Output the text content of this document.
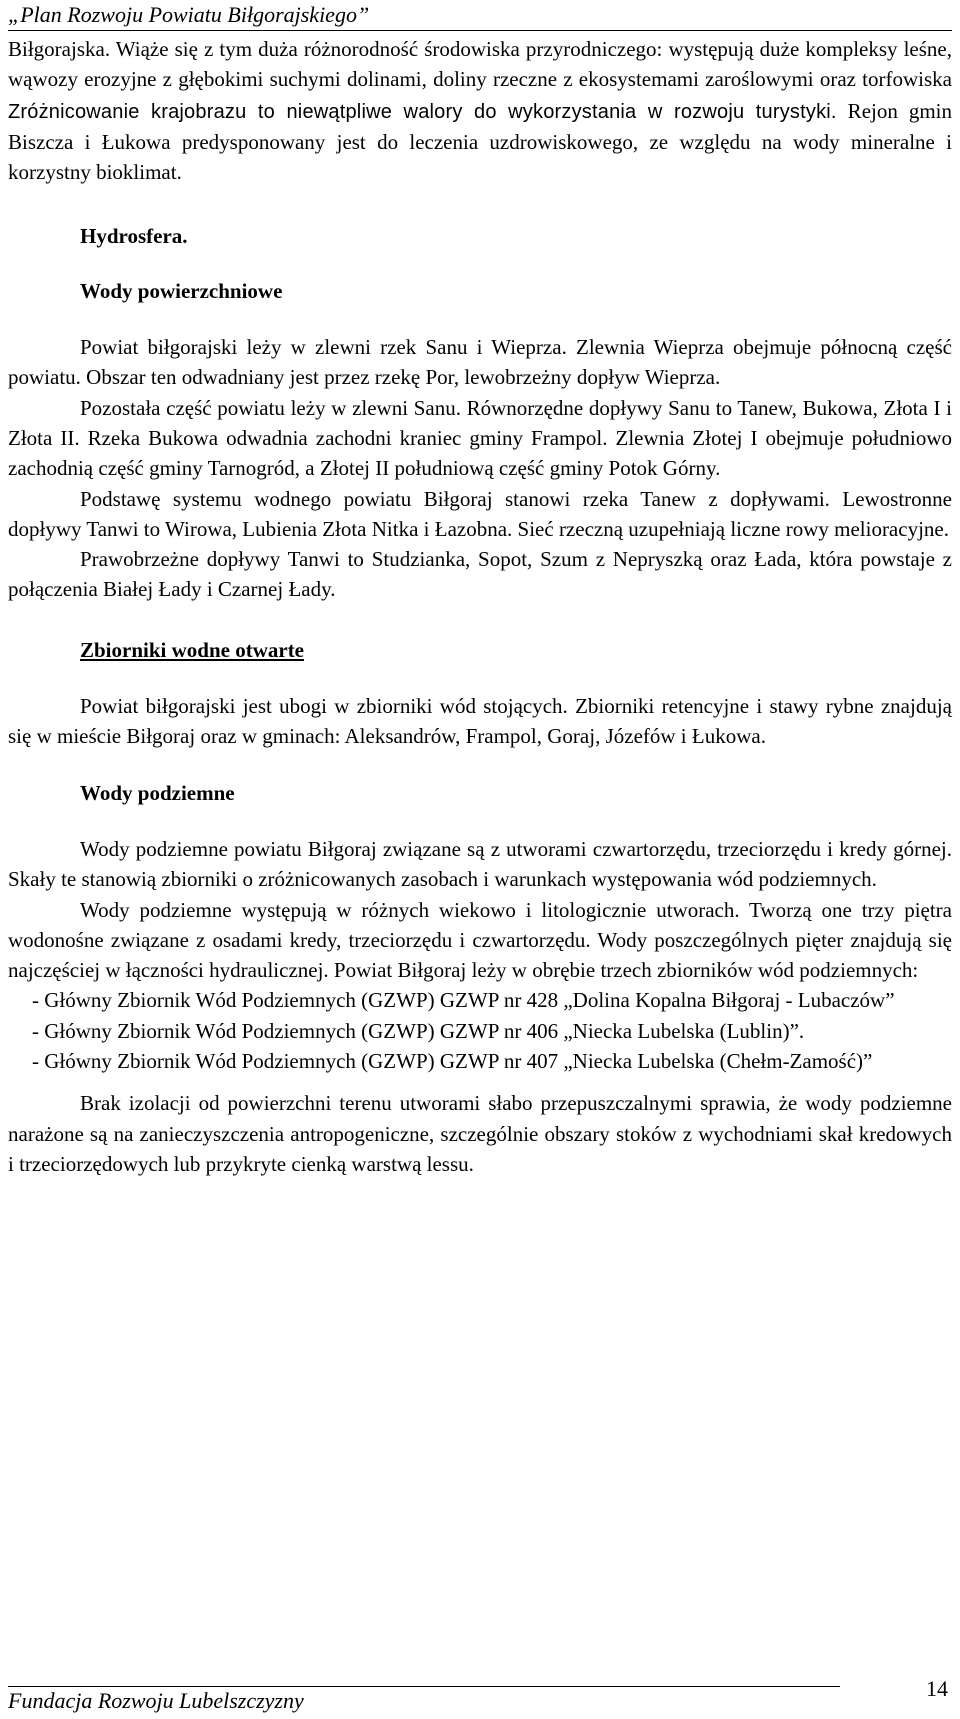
„Plan Rozwoju Powiatu Biłgorajskiego”

Biłgorajska. Wiąże się z tym duża różnorodność środowiska przyrodniczego: występują duże kompleksy leśne, wąwozy erozyjne z głębokimi suchymi dolinami, doliny rzeczne z ekosystemami zaroślowymi oraz torfowiska Zróżnicowanie krajobrazu to niewątpliwe walory do wykorzystania w rozwoju turystyki. Rejon gmin Biszcza i Łukowa predysponowany jest do leczenia uzdrowiskowego, ze względu na wody mineralne i korzystny bioklimat.

Hydrosfera.

Wody powierzchniowe

Powiat biłgorajski leży w zlewni rzek Sanu i Wieprza. Zlewnia Wieprza obejmuje północną część powiatu. Obszar ten odwadniany jest przez rzekę Por, lewobrzeżny dopływ Wieprza.

Pozostała część powiatu leży w zlewni Sanu. Równorzędne dopływy Sanu to Tanew, Bukowa, Złota I i Złota II. Rzeka Bukowa odwadnia zachodni kraniec gminy Frampol. Zlewnia Złotej I obejmuje południowo zachodnią część gminy Tarnogród, a Złotej II południową część gminy Potok Górny.

Podstawę systemu wodnego powiatu Biłgoraj stanowi rzeka Tanew z dopływami. Lewostronne dopływy Tanwi to Wirowa, Lubienia Złota Nitka i Łazobna. Sieć rzeczną uzupełniają liczne rowy melioracyjne.

Prawobrzeżne dopływy Tanwi to Studzianka, Sopot, Szum z Nepryszką oraz Łada, która powstaje z połączenia Białej Łady i Czarnej Łady.

Zbiorniki wodne otwarte

Powiat biłgorajski jest ubogi w zbiorniki wód stojących. Zbiorniki retencyjne i stawy rybne znajdują się w mieście Biłgoraj oraz w gminach: Aleksandrów, Frampol, Goraj, Józefów i Łukowa.

Wody podziemne

Wody podziemne powiatu Biłgoraj związane są z utworami czwartorzędu, trzeciorzędu i kredy górnej. Skały te stanowią zbiorniki o zróżnicowanych zasobach i warunkach występowania wód podziemnych.

Wody podziemne występują w różnych wiekowo i litologicznie utworach. Tworzą one trzy piętra wodonośne związane z osadami kredy, trzeciorzędu i czwartorzędu. Wody poszczególnych pięter znajdują się najczęściej w łączności hydraulicznej. Powiat Biłgoraj leży w obrębie trzech zbiorników wód podziemnych:

- Główny Zbiornik Wód Podziemnych (GZWP) GZWP nr 428 „Dolina Kopalna Biłgoraj - Lubaczów”

- Główny Zbiornik Wód Podziemnych (GZWP) GZWP nr 406 „Niecka Lubelska (Lublin)”.

- Główny Zbiornik Wód Podziemnych (GZWP) GZWP nr 407 „Niecka Lubelska (Chełm-Zamość)”

Brak izolacji od powierzchni terenu utworami słabo przepuszczalnymi sprawia, że wody podziemne narażone są na zanieczyszczenia antropogeniczne, szczególnie obszary stoków z wychodniami skał kredowych i trzeciorzędowych lub przykryte cienką warstwą lessu.

Fundacja Rozwoju Lubelszczyzny	14
